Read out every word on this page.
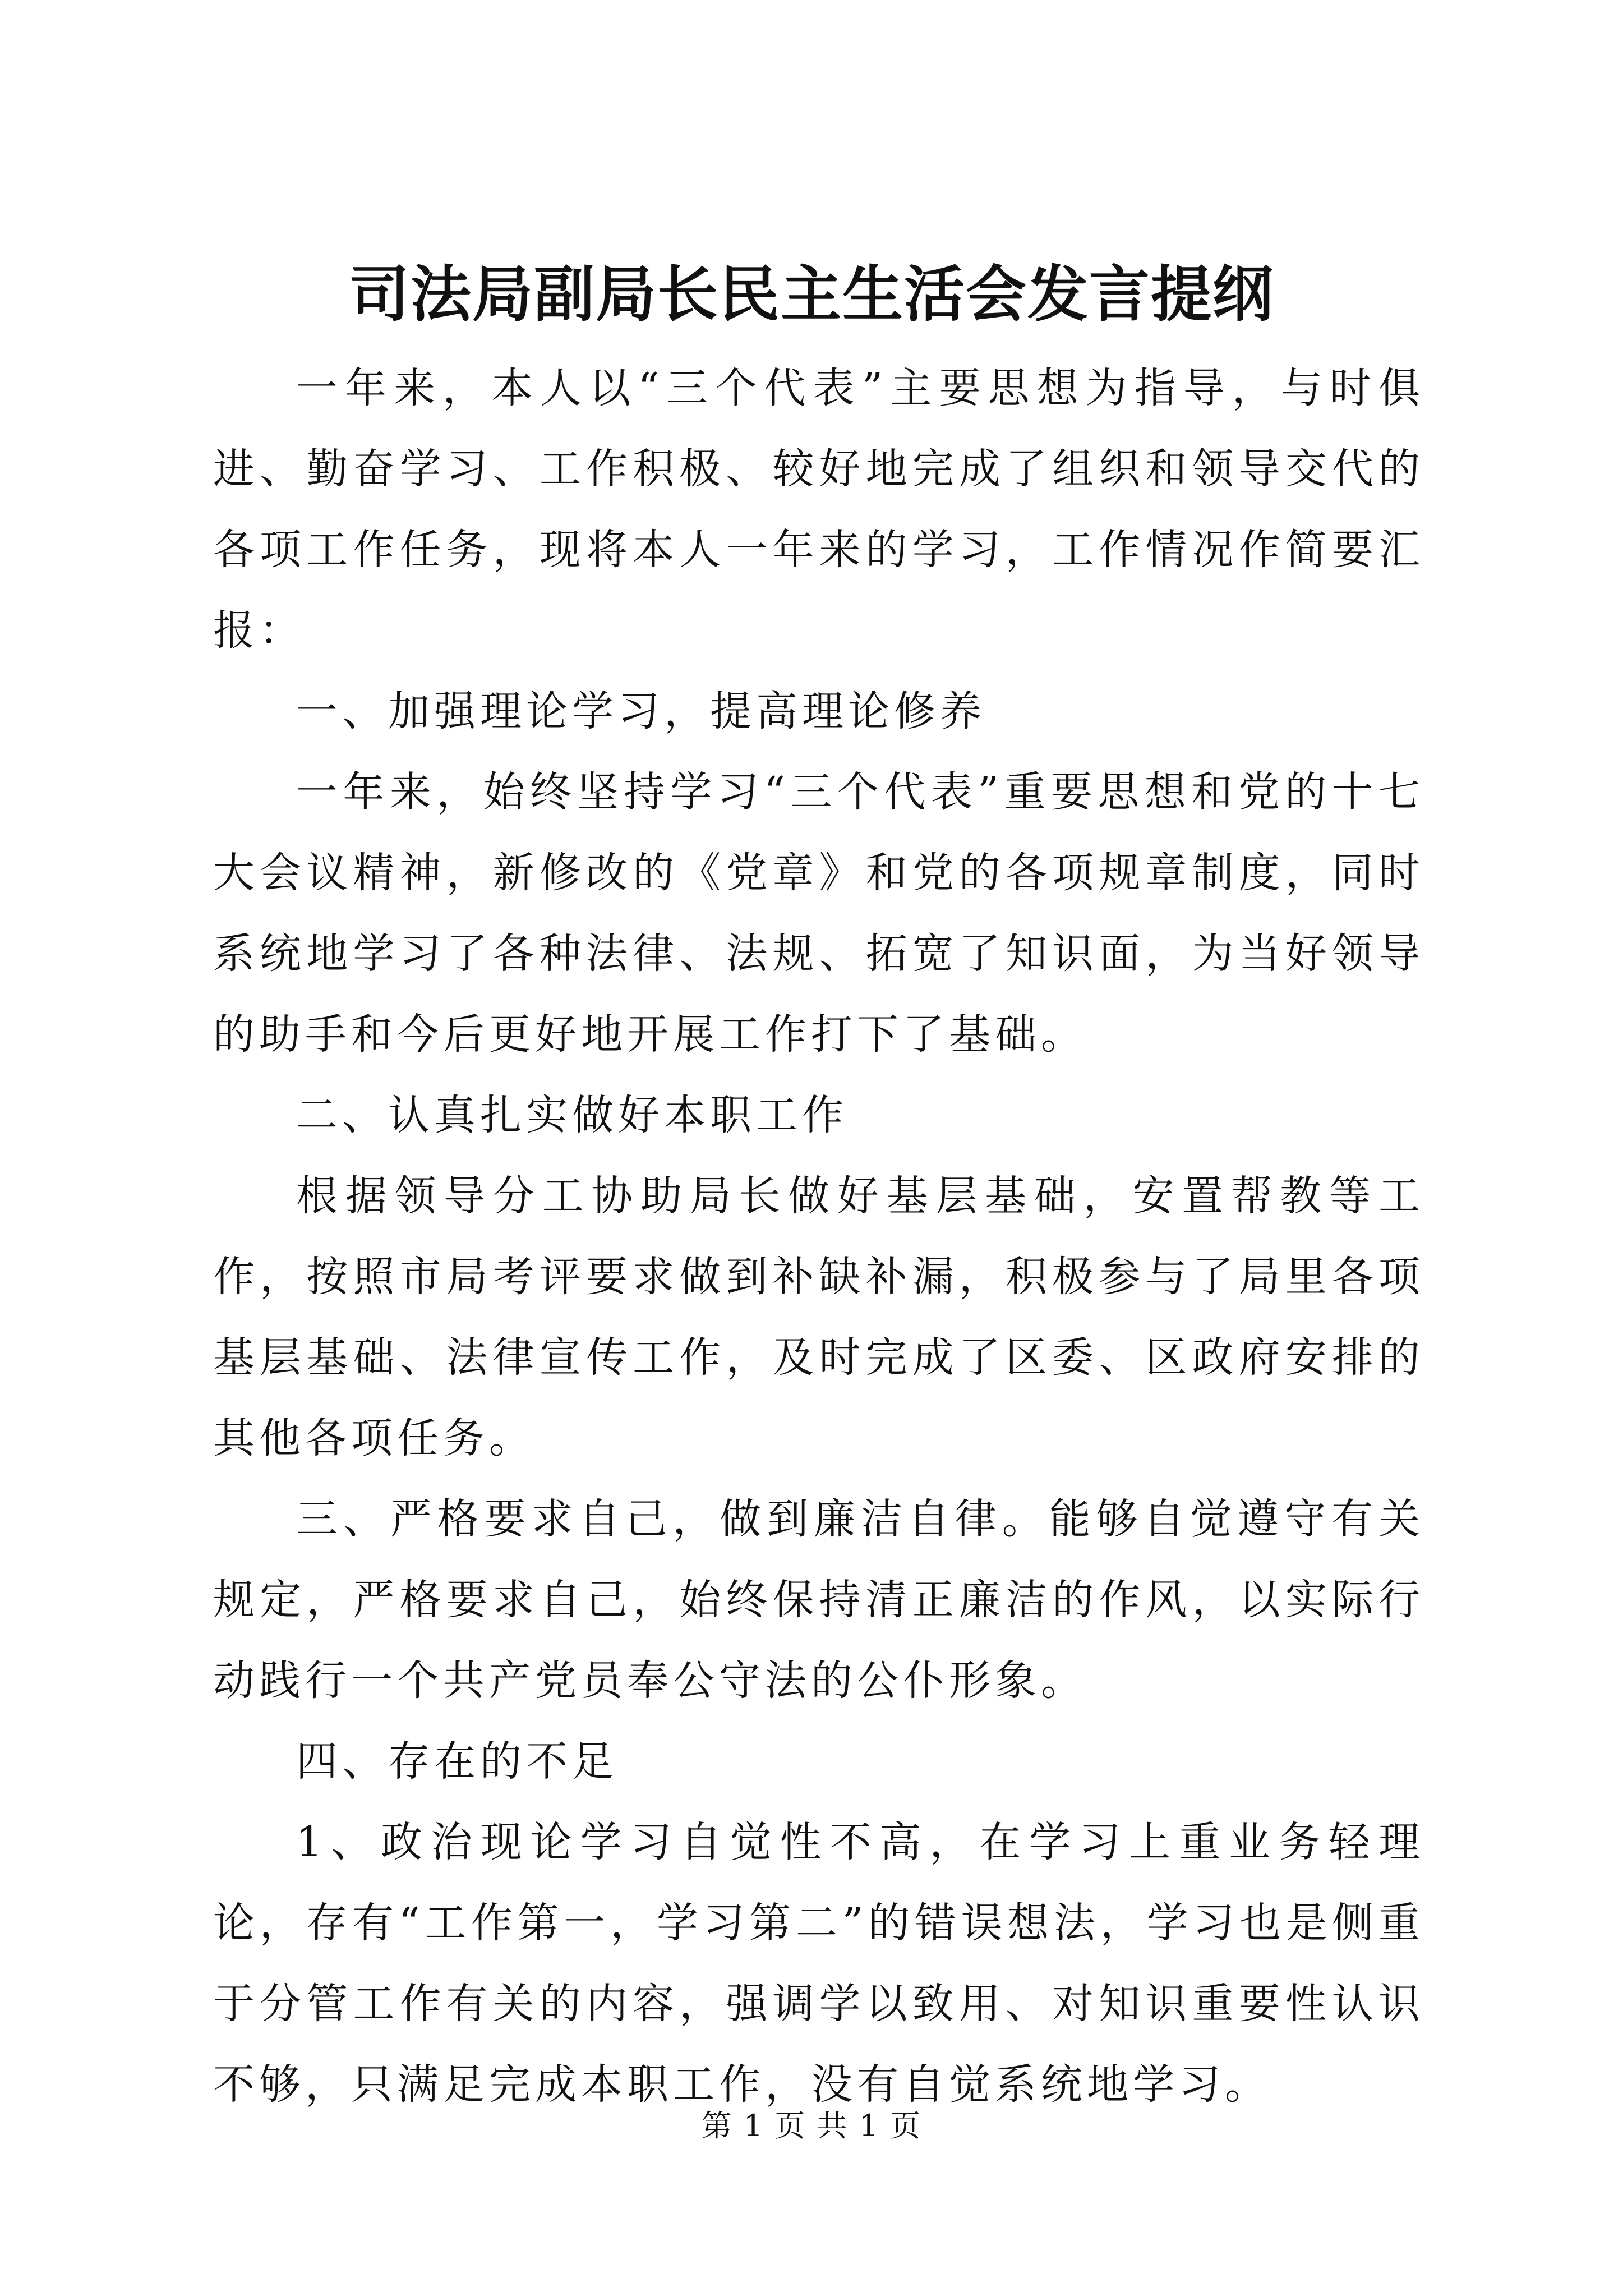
司法局副局长民主生活会发言提纲

一年来，本人以“三个代表”主要思想为指导，与时俱进、勤奋学习、工作积极、较好地完成了组织和领导交代的各项工作任务，现将本人一年来的学习，工作情况作简要汇报：

一、加强理论学习，提高理论修养

一年来，始终坚持学习“三个代表”重要思想和党的十七大会议精神，新修改的《党章》和党的各项规章制度，同时系统地学习了各种法律、法规、拓宽了知识面，为当好领导的助手和今后更好地开展工作打下了基础。

二、认真扎实做好本职工作

根据领导分工协助局长做好基层基础，安置帮教等工作，按照市局考评要求做到补缺补漏，积极参与了局里各项基层基础、法律宣传工作，及时完成了区委、区政府安排的其他各项任务。

三、严格要求自己，做到廉洁自律。能够自觉遵守有关规定，严格要求自己，始终保持清正廉洁的作风，以实际行动践行一个共产党员奉公守法的公仆形象。

四、存在的不足

1、政治现论学习自觉性不高，在学习上重业务轻理论，存有“工作第一，学习第二”的错误想法，学习也是侧重于分管工作有关的内容，强调学以致用、对知识重要性认识不够，只满足完成本职工作，没有自觉系统地学习。

第 1 页 共 1 页
